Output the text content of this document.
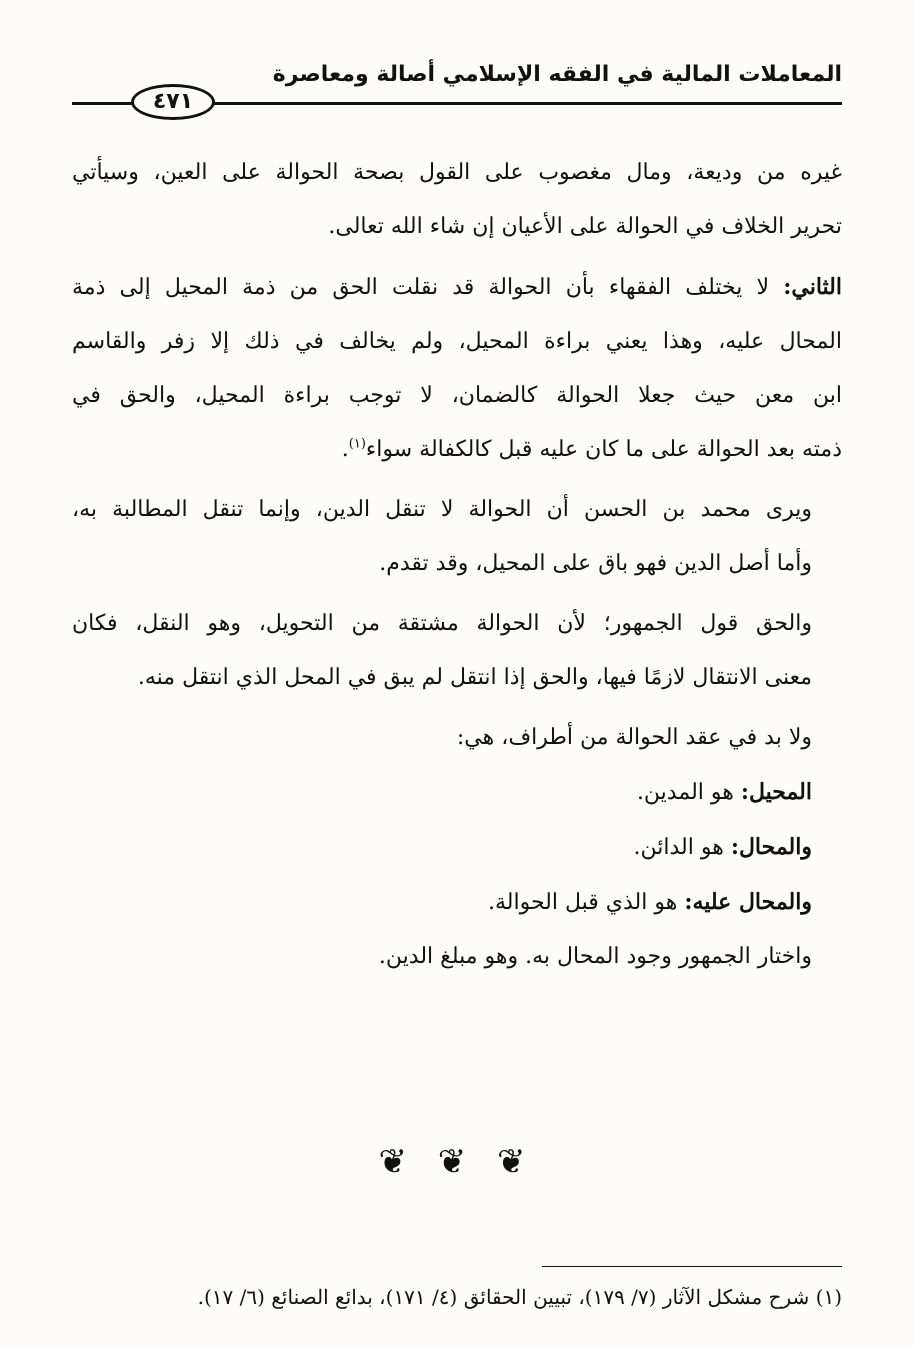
المعاملات المالية في الفقه الإسلامي أصالة ومعاصرة
٤٧١

غيره من وديعة، ومال مغصوب على القول بصحة الحوالة على العين، وسيأتي
تحرير الخلاف في الحوالة على الأعيان إن شاء الله تعالى.

الثاني: لا يختلف الفقهاء بأن الحوالة قد نقلت الحق من ذمة المحيل إلى ذمة
المحال عليه، وهذا يعني براءة المحيل، ولم يخالف في ذلك إلا زفر والقاسم
ابن معن حيث جعلا الحوالة كالضمان، لا توجب براءة المحيل، والحق في
ذمته بعد الحوالة على ما كان عليه قبل كالكفالة سواء$^{(١)}$.

ويرى محمد بن الحسن أن الحوالة لا تنقل الدين، وإنما تنقل المطالبة به،
وأما أصل الدين فهو باق على المحيل، وقد تقدم.

والحق قول الجمهور؛ لأن الحوالة مشتقة من التحويل، وهو النقل، فكان
معنى الانتقال لازمًا فيها، والحق إذا انتقل لم يبق في المحل الذي انتقل منه.

ولا بد في عقد الحوالة من أطراف، هي:
المحيل: هو المدين.
والمحال: هو الدائن.
والمحال عليه: هو الذي قبل الحوالة.
واختار الجمهور وجود المحال به. وهو مبلغ الدين.

❦ ❦ ❦
(١) شرح مشكل الآثار (٧/ ١٧٩)، تبيين الحقائق (٤/ ١٧١)، بدائع الصنائع (٦/ ١٧).
